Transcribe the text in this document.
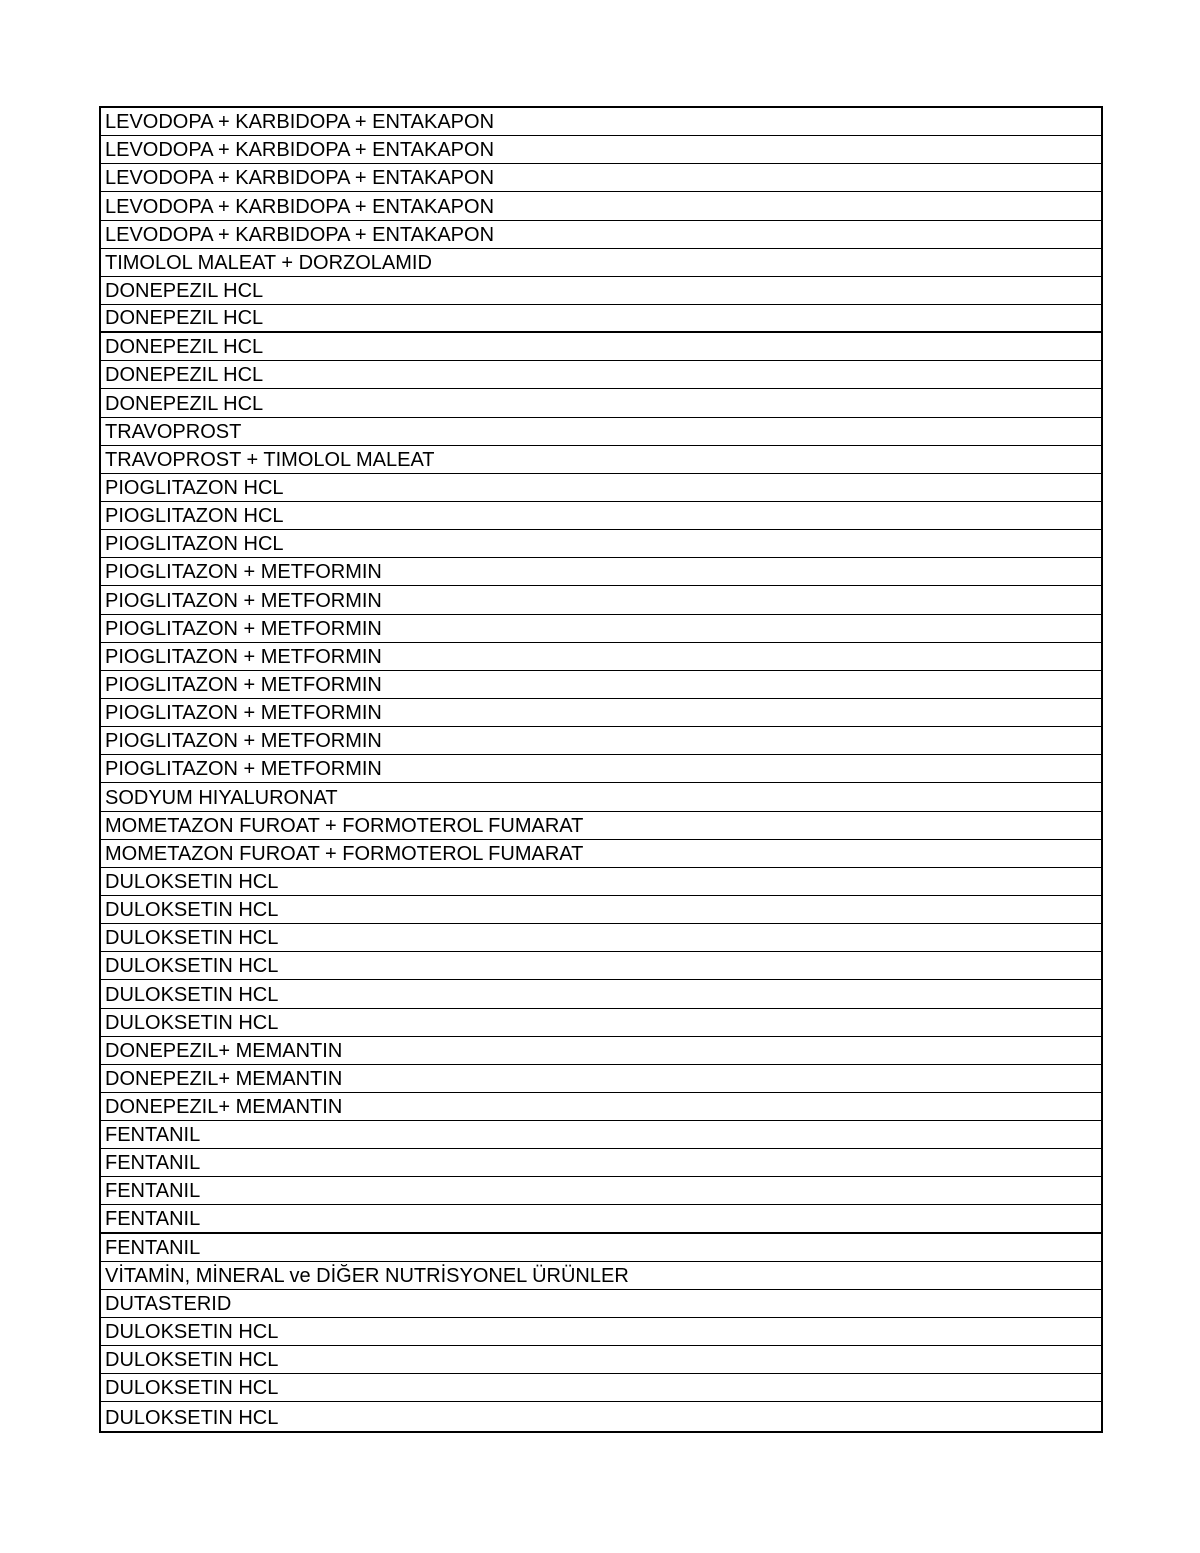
LEVODOPA + KARBIDOPA + ENTAKAPON
LEVODOPA + KARBIDOPA + ENTAKAPON
LEVODOPA + KARBIDOPA + ENTAKAPON
LEVODOPA + KARBIDOPA + ENTAKAPON
LEVODOPA + KARBIDOPA + ENTAKAPON
TIMOLOL MALEAT + DORZOLAMID
DONEPEZIL HCL
DONEPEZIL HCL
DONEPEZIL HCL
DONEPEZIL HCL
DONEPEZIL HCL
TRAVOPROST
TRAVOPROST + TIMOLOL MALEAT
PIOGLITAZON HCL
PIOGLITAZON HCL
PIOGLITAZON HCL
PIOGLITAZON + METFORMIN
PIOGLITAZON + METFORMIN
PIOGLITAZON + METFORMIN
PIOGLITAZON + METFORMIN
PIOGLITAZON + METFORMIN
PIOGLITAZON + METFORMIN
PIOGLITAZON + METFORMIN
PIOGLITAZON + METFORMIN
SODYUM HIYALURONAT
MOMETAZON FUROAT + FORMOTEROL FUMARAT
MOMETAZON FUROAT + FORMOTEROL FUMARAT
DULOKSETIN HCL
DULOKSETIN HCL
DULOKSETIN HCL
DULOKSETIN HCL
DULOKSETIN HCL
DULOKSETIN HCL
DONEPEZIL+ MEMANTIN
DONEPEZIL+ MEMANTIN
DONEPEZIL+ MEMANTIN
FENTANIL
FENTANIL
FENTANIL
FENTANIL
FENTANIL
VİTAMİN, MİNERAL ve DİĞER NUTRİSYONEL ÜRÜNLER
DUTASTERID
DULOKSETIN HCL
DULOKSETIN HCL
DULOKSETIN HCL
DULOKSETIN HCL
